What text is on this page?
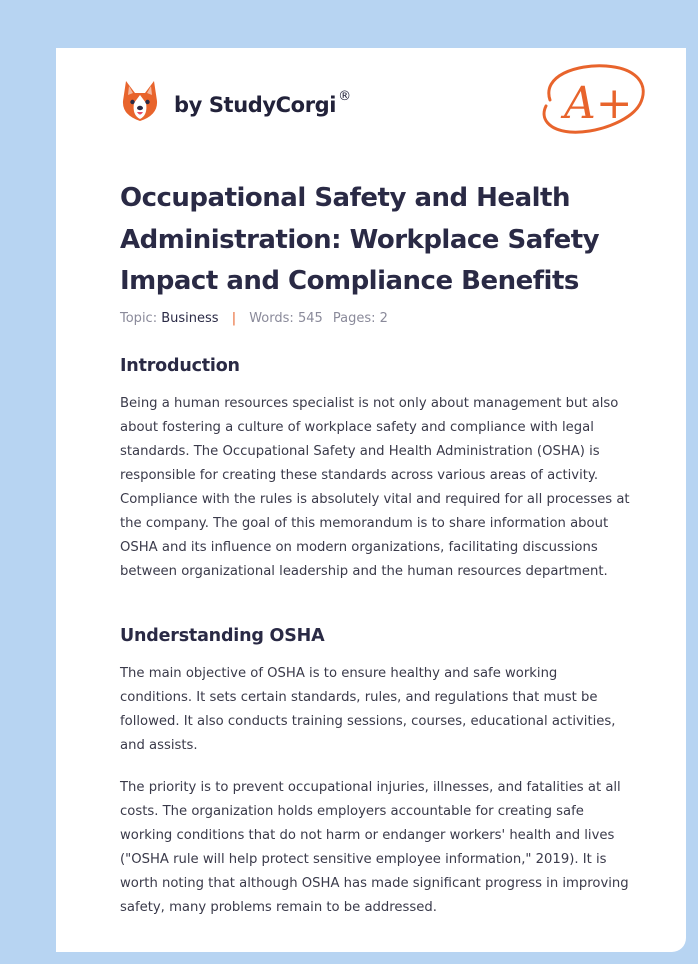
by StudyCorgi ®	A+
Occupational Safety and Health Administration: Workplace Safety Impact and Compliance Benefits
Topic: Business | Words: 545 Pages: 2
Introduction

Being a human resources specialist is not only about management but also about fostering a culture of workplace safety and compliance with legal standards. The Occupational Safety and Health Administration (OSHA) is responsible for creating these standards across various areas of activity. Compliance with the rules is absolutely vital and required for all processes at the company. The goal of this memorandum is to share information about OSHA and its influence on modern organizations, facilitating discussions between organizational leadership and the human resources department.

Understanding OSHA

The main objective of OSHA is to ensure healthy and safe working conditions. It sets certain standards, rules, and regulations that must be followed. It also conducts training sessions, courses, educational activities, and assists.

The priority is to prevent occupational injuries, illnesses, and fatalities at all costs. The organization holds employers accountable for creating safe working conditions that do not harm or endanger workers' health and lives ("OSHA rule will help protect sensitive employee information," 2019). It is worth noting that although OSHA has made significant progress in improving safety, many problems remain to be addressed.
